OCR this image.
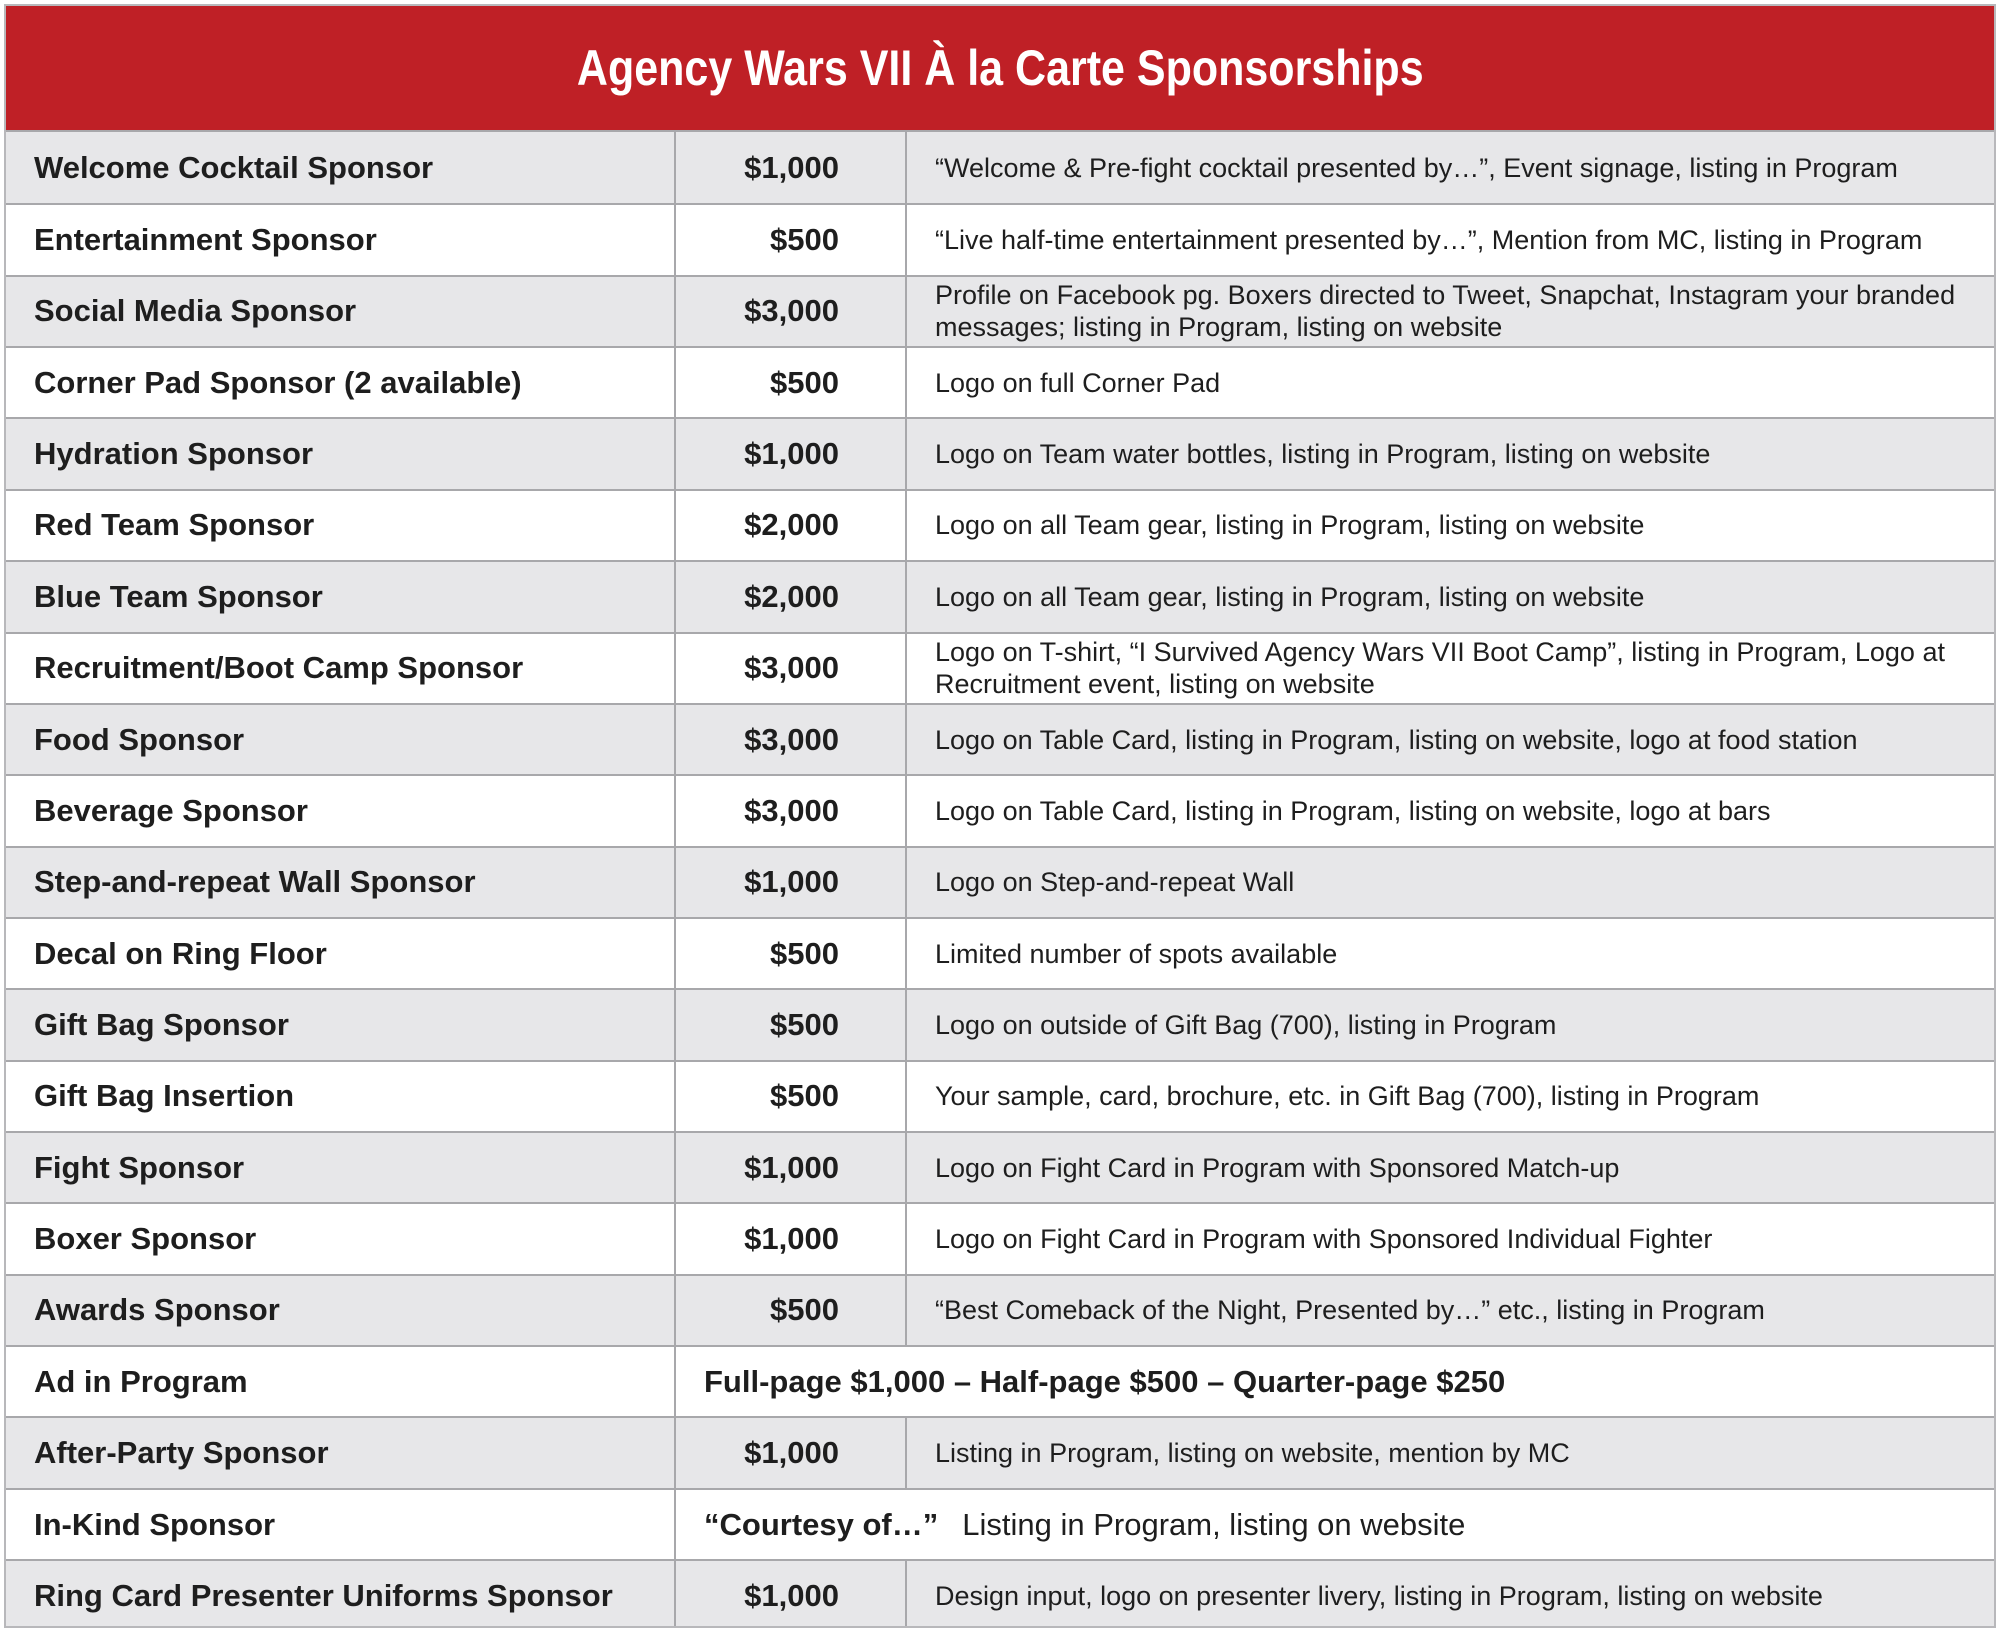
Agency Wars VII À la Carte Sponsorships
Welcome Cocktail Sponsor	$1,000	“Welcome & Pre-fight cocktail presented by…”, Event signage, listing in Program
Entertainment Sponsor	$500	“Live half-time entertainment presented by…”, Mention from MC, listing in Program
Social Media Sponsor	$3,000	Profile on Facebook pg. Boxers directed to Tweet, Snapchat, Instagram your branded messages; listing in Program, listing on website
Corner Pad Sponsor (2 available)	$500	Logo on full Corner Pad
Hydration Sponsor	$1,000	Logo on Team water bottles, listing in Program, listing on website
Red Team Sponsor	$2,000	Logo on all Team gear, listing in Program, listing on website
Blue Team Sponsor	$2,000	Logo on all Team gear, listing in Program, listing on website
Recruitment/Boot Camp Sponsor	$3,000	Logo on T-shirt, “I Survived Agency Wars VII Boot Camp”, listing in Program, Logo at Recruitment event, listing on website
Food Sponsor	$3,000	Logo on Table Card, listing in Program, listing on website, logo at food station
Beverage Sponsor	$3,000	Logo on Table Card, listing in Program, listing on website, logo at bars
Step-and-repeat Wall Sponsor	$1,000	Logo on Step-and-repeat Wall
Decal on Ring Floor	$500	Limited number of spots available
Gift Bag Sponsor	$500	Logo on outside of Gift Bag (700), listing in Program
Gift Bag Insertion	$500	Your sample, card, brochure, etc. in Gift Bag (700), listing in Program
Fight Sponsor	$1,000	Logo on Fight Card in Program with Sponsored Match-up
Boxer Sponsor	$1,000	Logo on Fight Card in Program with Sponsored Individual Fighter
Awards Sponsor	$500	“Best Comeback of the Night, Presented by…” etc., listing in Program
Ad in Program	Full-page $1,000 – Half-page $500 – Quarter-page $250
After-Party Sponsor	$1,000	Listing in Program, listing on website, mention by MC
In-Kind Sponsor	“Courtesy of…” Listing in Program, listing on website
Ring Card Presenter Uniforms Sponsor	$1,000	Design input, logo on presenter livery, listing in Program, listing on website
